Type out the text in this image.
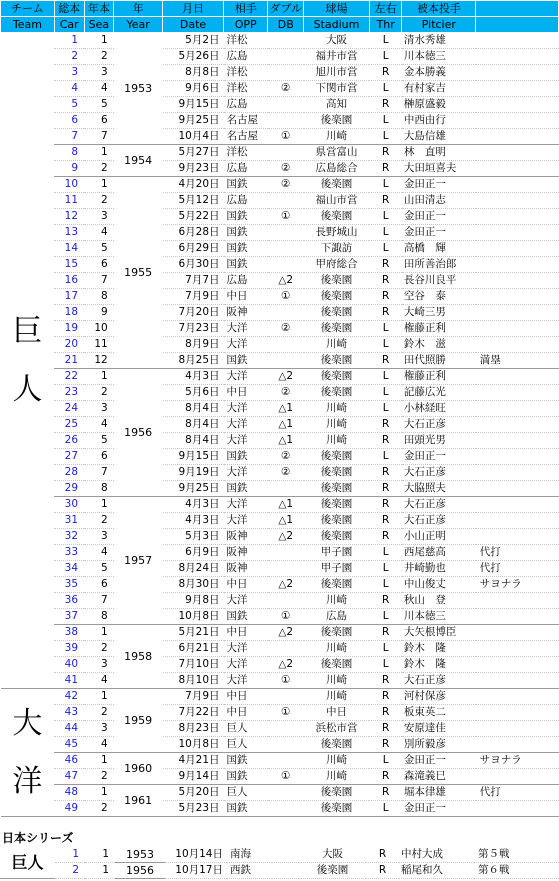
チーム	総本	年本	年	月日	相手	ダブル	球場	左右	被本投手	
Team	Car	Sea	Year	Date	OPP	DB	Stadium	Thr	Pitcier	

巨
人	1	1	1953	5月2日	洋松		大阪	L	清水秀雄	
	2	2		5月26日	広島		福井市営	L	川本徳三	
	3	3		8月8日	洋松		旭川市営	R	金本勝義	
	4	4		9月6日	洋松	②	下関市営	L	有村家吉	
	5	5		9月15日	広島		高知	R	榊原盛毅	
	6	6		9月25日	名古屋		後楽園	L	中西由行	
	7	7		10月4日	名古屋	①	川崎	L	大島信雄	
	8	1	1954	5月27日	洋松		県営富山	R	林　直明	
	9	2		9月23日	広島	②	広島総合	R	大田垣喜夫	
	10	1	1955	4月20日	国鉄	②	後楽園	L	金田正一	
	11	2		5月12日	広島		福山市営	R	山田清志	
	12	3		5月22日	国鉄	①	後楽園	L	金田正一	
	13	4		6月28日	国鉄		長野城山	L	金田正一	
	14	5		6月29日	国鉄		下諏訪	L	高橋　輝	
	15	6		6月30日	国鉄		甲府総合	R	田所善治郎	
	16	7		7月7日	広島	△2	後楽園	R	長谷川良平	
	17	8		7月9日	中日	①	後楽園	R	空谷　泰	
	18	9		7月20日	阪神		後楽園	R	大崎三男	
	19	10		7月23日	大洋	②	後楽園	L	権藤正利	
	20	11		8月9日	大洋		川崎	L	鈴木　滋	
	21	12		8月25日	国鉄		後楽園	R	田代照勝	満塁
	22	1	1956	4月3日	大洋	△2	後楽園	L	権藤正利	
	23	2		5月6日	中日	②	後楽園	L	記藤広光	
	24	3		8月4日	大洋	△1	川崎	L	小林経旺	
	25	4		8月4日	大洋	△1	川崎	R	大石正彦	
	26	5		8月4日	大洋	△1	川崎	R	田頭光男	
	27	6		9月15日	国鉄	②	後楽園	L	金田正一	
	28	7		9月19日	大洋	②	後楽園	R	大石正彦	
	29	8		9月25日	国鉄		後楽園	R	大脇照夫	
	30	1	1957	4月3日	大洋	△1	後楽園	R	大石正彦	
	31	2		4月3日	大洋	△1	後楽園	R	大石正彦	
	32	3		5月3日	阪神	△2	後楽園	R	小山正明	
	33	4		6月9日	阪神		甲子園	L	西尾慈高	代打
	34	5		8月24日	阪神		甲子園	L	井崎勤也	代打
	35	6		8月30日	中日	△2	後楽園	L	中山俊丈	サヨナラ
	36	7		9月8日	大洋		川崎	R	秋山　登	
	37	8		10月8日	国鉄	①	広島	L	川本徳三	
	38	1	1958	5月21日	中日	△2	後楽園	R	大矢根博臣	
	39	2		6月21日	大洋		川崎	L	鈴木　隆	
	40	3		7月10日	大洋	△2	後楽園	L	鈴木　隆	
	41	4		8月10日	大洋	①	川崎	R	大石正彦	

大
洋	42	1	1959	7月9日	中日		川崎	R	河村保彦	
	43	2		7月22日	中日	①	中日	R	板東英二	
	44	3		8月23日	巨人		浜松市営	R	安原達佳	
	45	4		10月8日	巨人		後楽園	R	別所毅彦	
	46	1	1960	4月21日	国鉄		川崎	L	金田正一	サヨナラ
	47	2		9月14日	国鉄	①	川崎	R	森滝義巳	
	48	1	1961	5月20日	巨人		後楽園	R	堀本律雄	代打
	49	2		5月23日	国鉄		後楽園	L	金田正一	
日本シリーズ
巨人	1	1	1953	10月14日	南海		大阪	R	中村大成	第５戦
	2	1	1956	10月17日	西鉄		後楽園	R	稲尾和久	第６戦
